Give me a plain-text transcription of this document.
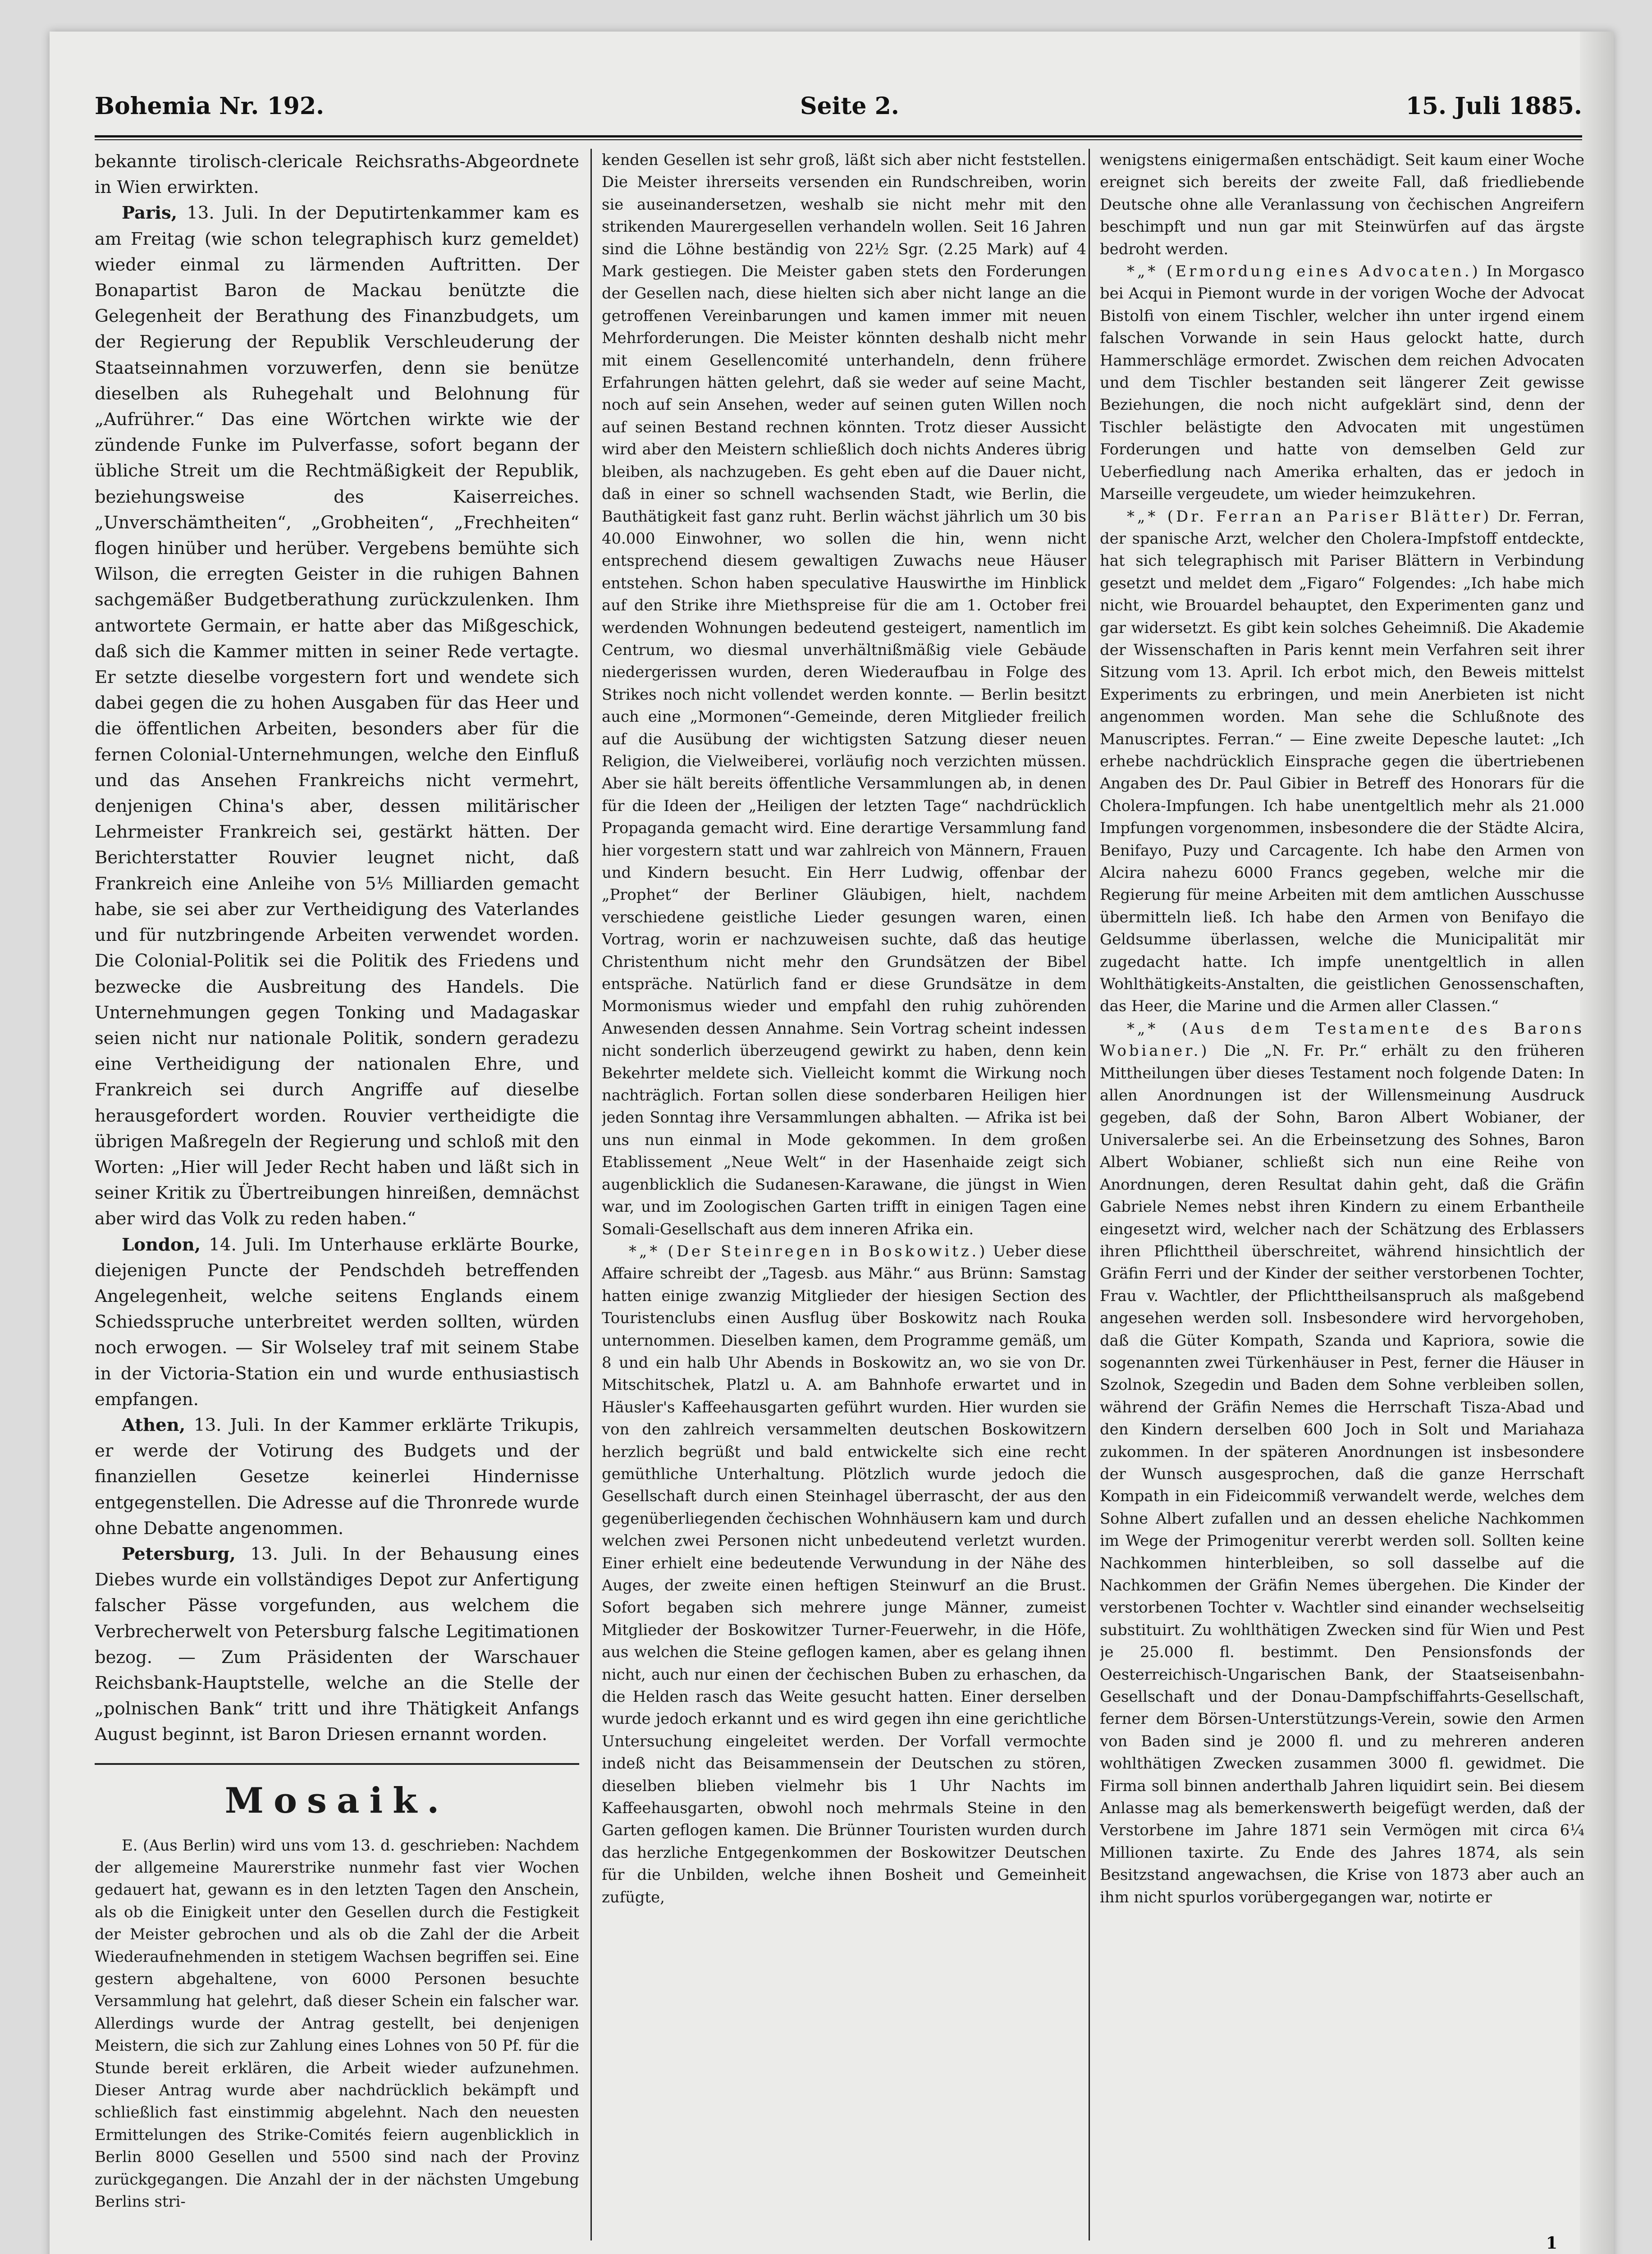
Bohemia Nr. 192.	Seite 2.	15. Juli 1885.

bekannte tirolisch-clericale Reichsraths-Abgeordnete in Wien erwirkten.

Paris, 13. Juli. In der Deputirtenkammer kam es am Freitag (wie schon telegraphisch kurz gemeldet) wieder einmal zu lärmenden Auftritten. Der Bonapartist Baron de Mackau benützte die Gelegenheit der Berathung des Finanzbudgets, um der Regierung der Republik Verschleuderung der Staatseinnahmen vorzuwerfen, denn sie benütze dieselben als Ruhegehalt und Belohnung für „Aufrührer.“ Das eine Wörtchen wirkte wie der zündende Funke im Pulverfasse, sofort begann der übliche Streit um die Rechtmäßigkeit der Republik, beziehungsweise des Kaiserreiches. „Unverschämtheiten“, „Grobheiten“, „Frechheiten“ flogen hinüber und herüber. Vergebens bemühte sich Wilson, die erregten Geister in die ruhigen Bahnen sachgemäßer Budgetberathung zurückzulenken. Ihm antwortete Germain, er hatte aber das Mißgeschick, daß sich die Kammer mitten in seiner Rede vertagte. Er setzte dieselbe vorgestern fort und wendete sich dabei gegen die zu hohen Ausgaben für das Heer und die öffentlichen Arbeiten, besonders aber für die fernen Colonial-Unternehmungen, welche den Einfluß und das Ansehen Frankreichs nicht vermehrt, denjenigen China's aber, dessen militärischer Lehrmeister Frankreich sei, gestärkt hätten. Der Berichterstatter Rouvier leugnet nicht, daß Frankreich eine Anleihe von 5⅕ Milliarden gemacht habe, sie sei aber zur Vertheidigung des Vaterlandes und für nutzbringende Arbeiten verwendet worden. Die Colonial-Politik sei die Politik des Friedens und bezwecke die Ausbreitung des Handels. Die Unternehmungen gegen Tonking und Madagaskar seien nicht nur nationale Politik, sondern geradezu eine Vertheidigung der nationalen Ehre, und Frankreich sei durch Angriffe auf dieselbe herausgefordert worden. Rouvier vertheidigte die übrigen Maßregeln der Regierung und schloß mit den Worten: „Hier will Jeder Recht haben und läßt sich in seiner Kritik zu Übertreibungen hinreißen, demnächst aber wird das Volk zu reden haben.“

London, 14. Juli. Im Unterhause erklärte Bourke, diejenigen Puncte der Pendschdeh betreffenden Angelegenheit, welche seitens Englands einem Schiedsspruche unterbreitet werden sollten, würden noch erwogen. — Sir Wolseley traf mit seinem Stabe in der Victoria-Station ein und wurde enthusiastisch empfangen.

Athen, 13. Juli. In der Kammer erklärte Trikupis, er werde der Votirung des Budgets und der finanziellen Gesetze keinerlei Hindernisse entgegenstellen. Die Adresse auf die Thronrede wurde ohne Debatte angenommen.

Petersburg, 13. Juli. In der Behausung eines Diebes wurde ein vollständiges Depot zur Anfertigung falscher Pässe vorgefunden, aus welchem die Verbrecherwelt von Petersburg falsche Legitimationen bezog. — Zum Präsidenten der Warschauer Reichsbank-Hauptstelle, welche an die Stelle der „polnischen Bank“ tritt und ihre Thätigkeit Anfangs August beginnt, ist Baron Driesen ernannt worden.

Mosaik.

E. (Aus Berlin) wird uns vom 13. d. geschrieben: Nachdem der allgemeine Maurerstrike nunmehr fast vier Wochen gedauert hat, gewann es in den letzten Tagen den Anschein, als ob die Einigkeit unter den Gesellen durch die Festigkeit der Meister gebrochen und als ob die Zahl der die Arbeit Wiederaufnehmenden in stetigem Wachsen begriffen sei. Eine gestern abgehaltene, von 6000 Personen besuchte Versammlung hat gelehrt, daß dieser Schein ein falscher war. Allerdings wurde der Antrag gestellt, bei denjenigen Meistern, die sich zur Zahlung eines Lohnes von 50 Pf. für die Stunde bereit erklären, die Arbeit wieder aufzunehmen. Dieser Antrag wurde aber nachdrücklich bekämpft und schließlich fast einstimmig abgelehnt. Nach den neuesten Ermittelungen des Strike-Comités feiern augenblicklich in Berlin 8000 Gesellen und 5500 sind nach der Provinz zurückgegangen. Die Anzahl der in der nächsten Umgebung Berlins stri-

kenden Gesellen ist sehr groß, läßt sich aber nicht feststellen. Die Meister ihrerseits versenden ein Rundschreiben, worin sie auseinandersetzen, weshalb sie nicht mehr mit den strikenden Maurergesellen verhandeln wollen. Seit 16 Jahren sind die Löhne beständig von 22½ Sgr. (2.25 Mark) auf 4 Mark gestiegen. Die Meister gaben stets den Forderungen der Gesellen nach, diese hielten sich aber nicht lange an die getroffenen Vereinbarungen und kamen immer mit neuen Mehrforderungen. Die Meister könnten deshalb nicht mehr mit einem Gesellencomité unterhandeln, denn frühere Erfahrungen hätten gelehrt, daß sie weder auf seine Macht, noch auf sein Ansehen, weder auf seinen guten Willen noch auf seinen Bestand rechnen könnten. Trotz dieser Aussicht wird aber den Meistern schließlich doch nichts Anderes übrig bleiben, als nachzugeben. Es geht eben auf die Dauer nicht, daß in einer so schnell wachsenden Stadt, wie Berlin, die Bauthätigkeit fast ganz ruht. Berlin wächst jährlich um 30 bis 40.000 Einwohner, wo sollen die hin, wenn nicht entsprechend diesem gewaltigen Zuwachs neue Häuser entstehen. Schon haben speculative Hauswirthe im Hinblick auf den Strike ihre Miethspreise für die am 1. October frei werdenden Wohnungen bedeutend gesteigert, namentlich im Centrum, wo diesmal unverhältnißmäßig viele Gebäude niedergerissen wurden, deren Wiederaufbau in Folge des Strikes noch nicht vollendet werden konnte. — Berlin besitzt auch eine „Mormonen“-Gemeinde, deren Mitglieder freilich auf die Ausübung der wichtigsten Satzung dieser neuen Religion, die Vielweiberei, vorläufig noch verzichten müssen. Aber sie hält bereits öffentliche Versammlungen ab, in denen für die Ideen der „Heiligen der letzten Tage“ nachdrücklich Propaganda gemacht wird. Eine derartige Versammlung fand hier vorgestern statt und war zahlreich von Männern, Frauen und Kindern besucht. Ein Herr Ludwig, offenbar der „Prophet“ der Berliner Gläubigen, hielt, nachdem verschiedene geistliche Lieder gesungen waren, einen Vortrag, worin er nachzuweisen suchte, daß das heutige Christenthum nicht mehr den Grundsätzen der Bibel entspräche. Natürlich fand er diese Grundsätze in dem Mormonismus wieder und empfahl den ruhig zuhörenden Anwesenden dessen Annahme. Sein Vortrag scheint indessen nicht sonderlich überzeugend gewirkt zu haben, denn kein Bekehrter meldete sich. Vielleicht kommt die Wirkung noch nachträglich. Fortan sollen diese sonderbaren Heiligen hier jeden Sonntag ihre Versammlungen abhalten. — Afrika ist bei uns nun einmal in Mode gekommen. In dem großen Etablissement „Neue Welt“ in der Hasenhaide zeigt sich augenblicklich die Sudanesen-Karawane, die jüngst in Wien war, und im Zoologischen Garten trifft in einigen Tagen eine Somali-Gesellschaft aus dem inneren Afrika ein.

*„* (Der Steinregen in Boskowitz.) Ueber diese Affaire schreibt der „Tagesb. aus Mähr.“ aus Brünn: Samstag hatten einige zwanzig Mitglieder der hiesigen Section des Touristenclubs einen Ausflug über Boskowitz nach Rouka unternommen. Dieselben kamen, dem Programme gemäß, um 8 und ein halb Uhr Abends in Boskowitz an, wo sie von Dr. Mitschitschek, Platzl u. A. am Bahnhofe erwartet und in Häusler's Kaffeehausgarten geführt wurden. Hier wurden sie von den zahlreich versammelten deutschen Boskowitzern herzlich begrüßt und bald entwickelte sich eine recht gemüthliche Unterhaltung. Plötzlich wurde jedoch die Gesellschaft durch einen Steinhagel überrascht, der aus den gegenüberliegenden čechischen Wohnhäusern kam und durch welchen zwei Personen nicht unbedeutend verletzt wurden. Einer erhielt eine bedeutende Verwundung in der Nähe des Auges, der zweite einen heftigen Steinwurf an die Brust. Sofort begaben sich mehrere junge Männer, zumeist Mitglieder der Boskowitzer Turner-Feuerwehr, in die Höfe, aus welchen die Steine geflogen kamen, aber es gelang ihnen nicht, auch nur einen der čechischen Buben zu erhaschen, da die Helden rasch das Weite gesucht hatten. Einer derselben wurde jedoch erkannt und es wird gegen ihn eine gerichtliche Untersuchung eingeleitet werden. Der Vorfall vermochte indeß nicht das Beisammensein der Deutschen zu stören, dieselben blieben vielmehr bis 1 Uhr Nachts im Kaffeehausgarten, obwohl noch mehrmals Steine in den Garten geflogen kamen. Die Brünner Touristen wurden durch das herzliche Entgegenkommen der Boskowitzer Deutschen für die Unbilden, welche ihnen Bosheit und Gemeinheit zufügte,

wenigstens einigermaßen entschädigt. Seit kaum einer Woche ereignet sich bereits der zweite Fall, daß friedliebende Deutsche ohne alle Veranlassung von čechischen Angreifern beschimpft und nun gar mit Steinwürfen auf das ärgste bedroht werden.

*„* (Ermordung eines Advocaten.) In Morgasco bei Acqui in Piemont wurde in der vorigen Woche der Advocat Bistolfi von einem Tischler, welcher ihn unter irgend einem falschen Vorwande in sein Haus gelockt hatte, durch Hammerschläge ermordet. Zwischen dem reichen Advocaten und dem Tischler bestanden seit längerer Zeit gewisse Beziehungen, die noch nicht aufgeklärt sind, denn der Tischler belästigte den Advocaten mit ungestümen Forderungen und hatte von demselben Geld zur Ueberfiedlung nach Amerika erhalten, das er jedoch in Marseille vergeudete, um wieder heimzukehren.

*„* (Dr. Ferran an Pariser Blätter) Dr. Ferran, der spanische Arzt, welcher den Cholera-Impfstoff entdeckte, hat sich telegraphisch mit Pariser Blättern in Verbindung gesetzt und meldet dem „Figaro“ Folgendes: „Ich habe mich nicht, wie Brouardel behauptet, den Experimenten ganz und gar widersetzt. Es gibt kein solches Geheimniß. Die Akademie der Wissenschaften in Paris kennt mein Verfahren seit ihrer Sitzung vom 13. April. Ich erbot mich, den Beweis mittelst Experiments zu erbringen, und mein Anerbieten ist nicht angenommen worden. Man sehe die Schlußnote des Manuscriptes. Ferran.“ — Eine zweite Depesche lautet: „Ich erhebe nachdrücklich Einsprache gegen die übertriebenen Angaben des Dr. Paul Gibier in Betreff des Honorars für die Cholera-Impfungen. Ich habe unentgeltlich mehr als 21.000 Impfungen vorgenommen, insbesondere die der Städte Alcira, Benifayo, Puzy und Carcagente. Ich habe den Armen von Alcira nahezu 6000 Francs gegeben, welche mir die Regierung für meine Arbeiten mit dem amtlichen Ausschusse übermitteln ließ. Ich habe den Armen von Benifayo die Geldsumme überlassen, welche die Municipalität mir zugedacht hatte. Ich impfe unentgeltlich in allen Wohlthätigkeits-Anstalten, die geistlichen Genossenschaften, das Heer, die Marine und die Armen aller Classen.“

*„* (Aus dem Testamente des Barons Wobianer.) Die „N. Fr. Pr.“ erhält zu den früheren Mittheilungen über dieses Testament noch folgende Daten: In allen Anordnungen ist der Willensmeinung Ausdruck gegeben, daß der Sohn, Baron Albert Wobianer, der Universalerbe sei. An die Erbeinsetzung des Sohnes, Baron Albert Wobianer, schließt sich nun eine Reihe von Anordnungen, deren Resultat dahin geht, daß die Gräfin Gabriele Nemes nebst ihren Kindern zu einem Erbantheile eingesetzt wird, welcher nach der Schätzung des Erblassers ihren Pflichttheil überschreitet, während hinsichtlich der Gräfin Ferri und der Kinder der seither verstorbenen Tochter, Frau v. Wachtler, der Pflichttheilsanspruch als maßgebend angesehen werden soll. Insbesondere wird hervorgehoben, daß die Güter Kompath, Szanda und Kapriora, sowie die sogenannten zwei Türkenhäuser in Pest, ferner die Häuser in Szolnok, Szegedin und Baden dem Sohne verbleiben sollen, während der Gräfin Nemes die Herrschaft Tisza-Abad und den Kindern derselben 600 Joch in Solt und Mariahaza zukommen. In der späteren Anordnungen ist insbesondere der Wunsch ausgesprochen, daß die ganze Herrschaft Kompath in ein Fideicommiß verwandelt werde, welches dem Sohne Albert zufallen und an dessen eheliche Nachkommen im Wege der Primogenitur vererbt werden soll. Sollten keine Nachkommen hinterbleiben, so soll dasselbe auf die Nachkommen der Gräfin Nemes übergehen. Die Kinder der verstorbenen Tochter v. Wachtler sind einander wechselseitig substituirt. Zu wohlthätigen Zwecken sind für Wien und Pest je 25.000 fl. bestimmt. Den Pensionsfonds der Oesterreichisch-Ungarischen Bank, der Staatseisenbahn-Gesellschaft und der Donau-Dampfschiffahrts-Gesellschaft, ferner dem Börsen-Unterstützungs-Verein, sowie den Armen von Baden sind je 2000 fl. und zu mehreren anderen wohlthätigen Zwecken zusammen 3000 fl. gewidmet. Die Firma soll binnen anderthalb Jahren liquidirt sein. Bei diesem Anlasse mag als bemerkenswerth beigefügt werden, daß der Verstorbene im Jahre 1871 sein Vermögen mit circa 6¼ Millionen taxirte. Zu Ende des Jahres 1874, als sein Besitzstand angewachsen, die Krise von 1873 aber auch an ihm nicht spurlos vorübergegangen war, notirte er

1
